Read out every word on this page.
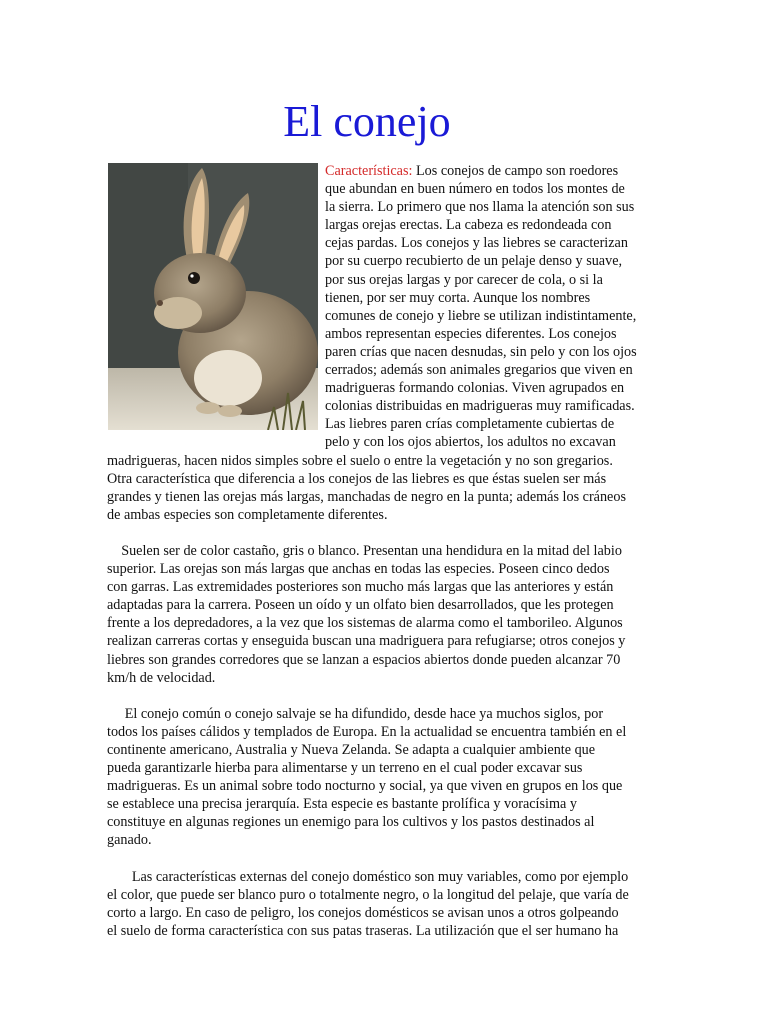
El conejo
Características: Los conejos de campo son roedores
que abundan en buen número en todos los montes de
la sierra. Lo primero que nos llama la atención son sus
largas orejas erectas. La cabeza es redondeada con
cejas pardas. Los conejos y las liebres se caracterizan
por su cuerpo recubierto de un pelaje denso y suave,
por sus orejas largas y por carecer de cola, o si la
tienen, por ser muy corta. Aunque los nombres
comunes de conejo y liebre se utilizan indistintamente,
ambos representan especies diferentes. Los conejos
paren crías que nacen desnudas, sin pelo y con los ojos
cerrados; además son animales gregarios que viven en
madrigueras formando colonias. Viven agrupados en
colonias distribuidas en madrigueras muy ramificadas.
Las liebres paren crías completamente cubiertas de
pelo y con los ojos abiertos, los adultos no excavan
madrigueras, hacen nidos simples sobre el suelo o entre la vegetación y no son gregarios.
Otra característica que diferencia a los conejos de las liebres es que éstas suelen ser más
grandes y tienen las orejas más largas, manchadas de negro en la punta; además los cráneos
de ambas especies son completamente diferentes.
Suelen ser de color castaño, gris o blanco. Presentan una hendidura en la mitad del labio
superior. Las orejas son más largas que anchas en todas las especies. Poseen cinco dedos
con garras. Las extremidades posteriores son mucho más largas que las anteriores y están
adaptadas para la carrera. Poseen un oído y un olfato bien desarrollados, que les protegen
frente a los depredadores, a la vez que los sistemas de alarma como el tamborileo. Algunos
realizan carreras cortas y enseguida buscan una madriguera para refugiarse; otros conejos y
liebres son grandes corredores que se lanzan a espacios abiertos donde pueden alcanzar 70
km/h de velocidad.
El conejo común o conejo salvaje se ha difundido, desde hace ya muchos siglos, por
todos los países cálidos y templados de Europa. En la actualidad se encuentra también en el
continente americano, Australia y Nueva Zelanda. Se adapta a cualquier ambiente que
pueda garantizarle hierba para alimentarse y un terreno en el cual poder excavar sus
madrigueras. Es un animal sobre todo nocturno y social, ya que viven en grupos en los que
se establece una precisa jerarquía. Esta especie es bastante prolífica y voracísima y
constituye en algunas regiones un enemigo para los cultivos y los pastos destinados al
ganado.
Las características externas del conejo doméstico son muy variables, como por ejemplo
el color, que puede ser blanco puro o totalmente negro, o la longitud del pelaje, que varía de
corto a largo. En caso de peligro, los conejos domésticos se avisan unos a otros golpeando
el suelo de forma característica con sus patas traseras. La utilización que el ser humano ha
